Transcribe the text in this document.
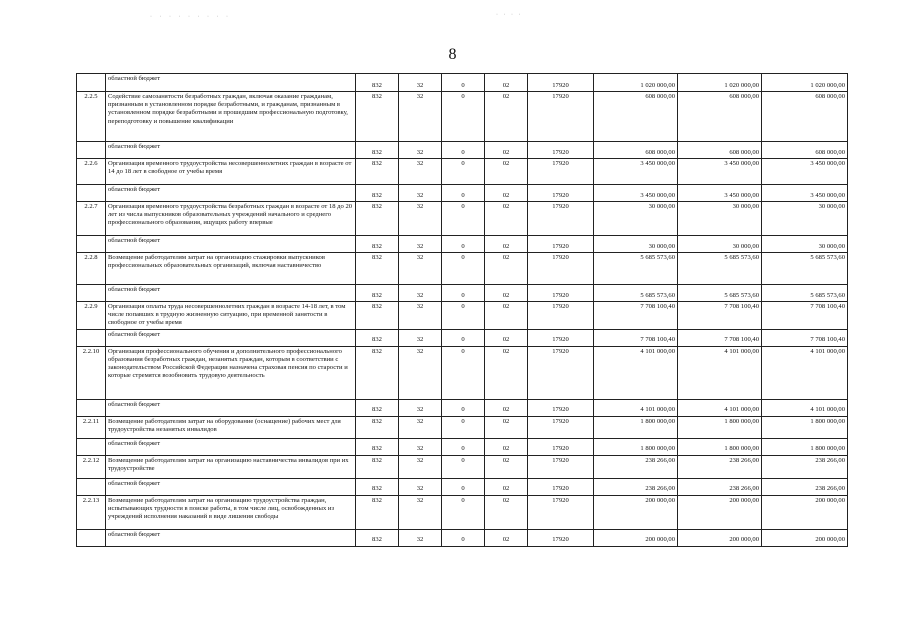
· · · · · · · · ·	· · · ·
8
	областной бюджет	832	32	0	02	17920	1 020 000,00	1 020 000,00	1 020 000,00
2.2.5	Содействие самозанятости безработных граждан, включая оказание гражданам, признанным в установленном порядке безработными, и гражданам, признанным в установленном порядке безработными и прошедшим профессиональную подготовку, переподготовку и повышение квалификации	832	32	0	02	17920	608 000,00	608 000,00	608 000,00
	областной бюджет	832	32	0	02	17920	608 000,00	608 000,00	608 000,00
2.2.6	Организация временного трудоустройства несовершеннолетних граждан в возрасте от 14 до 18 лет в свободное от учебы время	832	32	0	02	17920	3 450 000,00	3 450 000,00	3 450 000,00
	областной бюджет	832	32	0	02	17920	3 450 000,00	3 450 000,00	3 450 000,00
2.2.7	Организация временного трудоустройства безработных граждан в возрасте от 18 до 20 лет из числа выпускников образовательных учреждений начального и среднего профессионального образования, ищущих работу впервые	832	32	0	02	17920	30 000,00	30 000,00	30 000,00
	областной бюджет	832	32	0	02	17920	30 000,00	30 000,00	30 000,00
2.2.8	Возмещение работодателям затрат на организацию стажировки выпускников профессиональных образовательных организаций, включая наставничество	832	32	0	02	17920	5 685 573,60	5 685 573,60	5 685 573,60
	областной бюджет	832	32	0	02	17920	5 685 573,60	5 685 573,60	5 685 573,60
2.2.9	Организация оплаты труда несовершеннолетних граждан в возрасте 14-18 лет, в том числе попавших в трудную жизненную ситуацию, при временной занятости в свободное от учебы время	832	32	0	02	17920	7 708 100,40	7 708 100,40	7 708 100,40
	областной бюджет	832	32	0	02	17920	7 708 100,40	7 708 100,40	7 708 100,40
2.2.10	Организация профессионального обучения и дополнительного профессионального образования безработных граждан, незанятых граждан, которым в соответствии с законодательством Российской Федерации назначена страховая пенсия по старости и которые стремятся возобновить трудовую деятельность	832	32	0	02	17920	4 101 000,00	4 101 000,00	4 101 000,00
	областной бюджет	832	32	0	02	17920	4 101 000,00	4 101 000,00	4 101 000,00
2.2.11	Возмещение работодателям затрат на оборудование (оснащение) рабочих мест для трудоустройства незанятых инвалидов	832	32	0	02	17920	1 800 000,00	1 800 000,00	1 800 000,00
	областной бюджет	832	32	0	02	17920	1 800 000,00	1 800 000,00	1 800 000,00
2.2.12	Возмещение работодателям затрат на организацию наставничества инвалидов при их трудоустройстве	832	32	0	02	17920	238 266,00	238 266,00	238 266,00
	областной бюджет	832	32	0	02	17920	238 266,00	238 266,00	238 266,00
2.2.13	Возмещение работодателям затрат на организацию трудоустройства граждан, испытывающих трудности в поиске работы, в том числе лиц, освобожденных из учреждений исполнения наказаний в виде лишения свободы	832	32	0	02	17920	200 000,00	200 000,00	200 000,00
	областной бюджет	832	32	0	02	17920	200 000,00	200 000,00	200 000,00
